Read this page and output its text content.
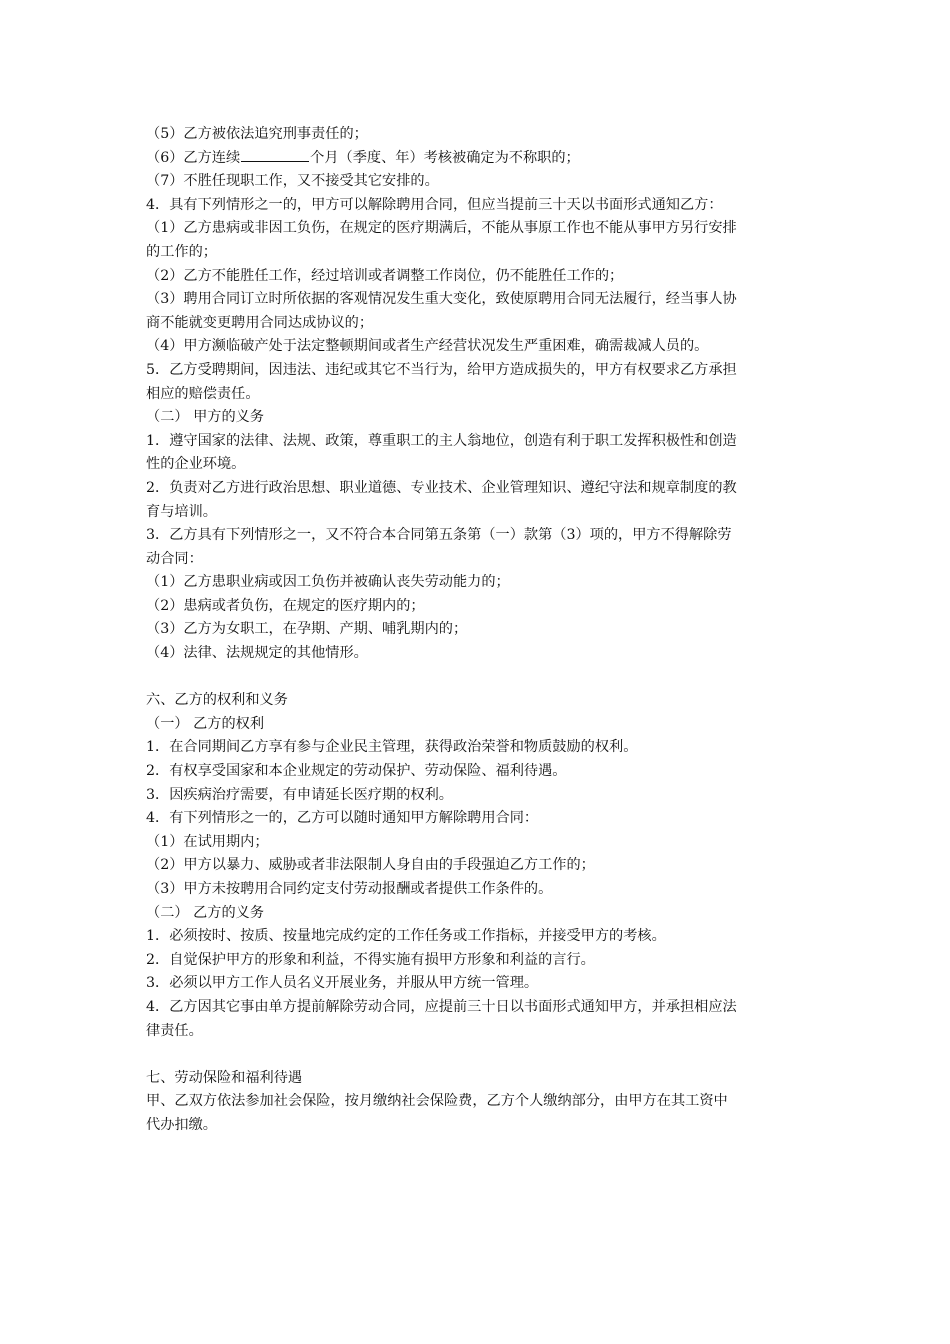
（5）乙方被依法追究刑事责任的；
（6）乙方连续	个月（季度、年）考核被确定为不称职的；
（7）不胜任现职工作，又不接受其它安排的。
4．具有下列情形之一的，甲方可以解除聘用合同，但应当提前三十天以书面形式通知乙方：
（1）乙方患病或非因工负伤，在规定的医疗期满后，不能从事原工作也不能从事甲方另行安排
的工作的；
（2）乙方不能胜任工作，经过培训或者调整工作岗位，仍不能胜任工作的；
（3）聘用合同订立时所依据的客观情况发生重大变化，致使原聘用合同无法履行，经当事人协
商不能就变更聘用合同达成协议的；
（4）甲方濒临破产处于法定整顿期间或者生产经营状况发生严重困难，确需裁减人员的。
5．乙方受聘期间，因违法、违纪或其它不当行为，给甲方造成损失的，甲方有权要求乙方承担
相应的赔偿责任。
（二） 甲方的义务
1．遵守国家的法律、法规、政策，尊重职工的主人翁地位，创造有利于职工发挥积极性和创造
性的企业环境。
2．负责对乙方进行政治思想、职业道德、专业技术、企业管理知识、遵纪守法和规章制度的教
育与培训。
3．乙方具有下列情形之一，又不符合本合同第五条第（一）款第（3）项的，甲方不得解除劳
动合同：
（1）乙方患职业病或因工负伤并被确认丧失劳动能力的；
（2）患病或者负伤，在规定的医疗期内的；
（3）乙方为女职工，在孕期、产期、哺乳期内的；
（4）法律、法规规定的其他情形。
六、乙方的权利和义务
（一） 乙方的权利
1．在合同期间乙方享有参与企业民主管理，获得政治荣誉和物质鼓励的权利。
2．有权享受国家和本企业规定的劳动保护、劳动保险、福利待遇。
3．因疾病治疗需要，有申请延长医疗期的权利。
4．有下列情形之一的，乙方可以随时通知甲方解除聘用合同：
（1）在试用期内；
（2）甲方以暴力、威胁或者非法限制人身自由的手段强迫乙方工作的；
（3）甲方未按聘用合同约定支付劳动报酬或者提供工作条件的。
（二） 乙方的义务
1．必须按时、按质、按量地完成约定的工作任务或工作指标，并接受甲方的考核。
2．自觉保护甲方的形象和利益，不得实施有损甲方形象和利益的言行。
3．必须以甲方工作人员名义开展业务，并服从甲方统一管理。
4．乙方因其它事由单方提前解除劳动合同，应提前三十日以书面形式通知甲方，并承担相应法
律责任。
七、劳动保险和福利待遇
甲、乙双方依法参加社会保险，按月缴纳社会保险费，乙方个人缴纳部分，由甲方在其工资中
代办扣缴。
